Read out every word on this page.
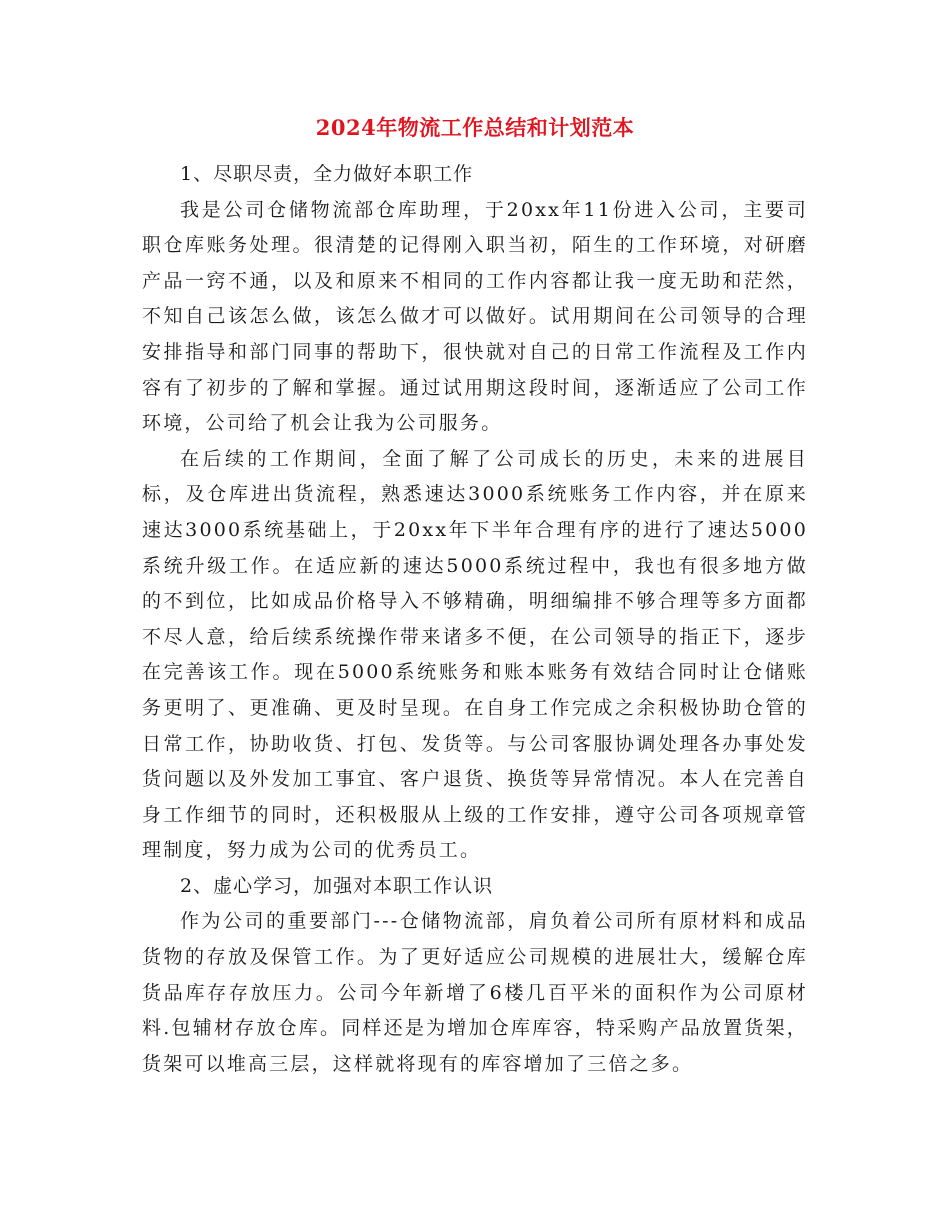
2024年物流工作总结和计划范本

1、尽职尽责，全力做好本职工作

我是公司仓储物流部仓库助理，于20xx年11份进入公司，主要司职仓库账务处理。很清楚的记得刚入职当初，陌生的工作环境，对研磨产品一窍不通，以及和原来不相同的工作内容都让我一度无助和茫然，不知自己该怎么做，该怎么做才可以做好。试用期间在公司领导的合理安排指导和部门同事的帮助下，很快就对自己的日常工作流程及工作内容有了初步的了解和掌握。通过试用期这段时间，逐渐适应了公司工作环境，公司给了机会让我为公司服务。

在后续的工作期间，全面了解了公司成长的历史，未来的进展目标，及仓库进出货流程，熟悉速达3000系统账务工作内容，并在原来速达3000系统基础上，于20xx年下半年合理有序的进行了速达5000系统升级工作。在适应新的速达5000系统过程中，我也有很多地方做的不到位，比如成品价格导入不够精确，明细编排不够合理等多方面都不尽人意，给后续系统操作带来诸多不便，在公司领导的指正下，逐步在完善该工作。现在5000系统账务和账本账务有效结合同时让仓储账务更明了、更准确、更及时呈现。在自身工作完成之余积极协助仓管的日常工作，协助收货、打包、发货等。与公司客服协调处理各办事处发货问题以及外发加工事宜、客户退货、换货等异常情况。本人在完善自身工作细节的同时，还积极服从上级的工作安排，遵守公司各项规章管理制度，努力成为公司的优秀员工。

2、虚心学习，加强对本职工作认识

作为公司的重要部门---仓储物流部，肩负着公司所有原材料和成品货物的存放及保管工作。为了更好适应公司规模的进展壮大，缓解仓库货品库存存放压力。公司今年新增了6楼几百平米的面积作为公司原材料.包辅材存放仓库。同样还是为增加仓库库容，特采购产品放置货架，货架可以堆高三层，这样就将现有的库容增加了三倍之多。
